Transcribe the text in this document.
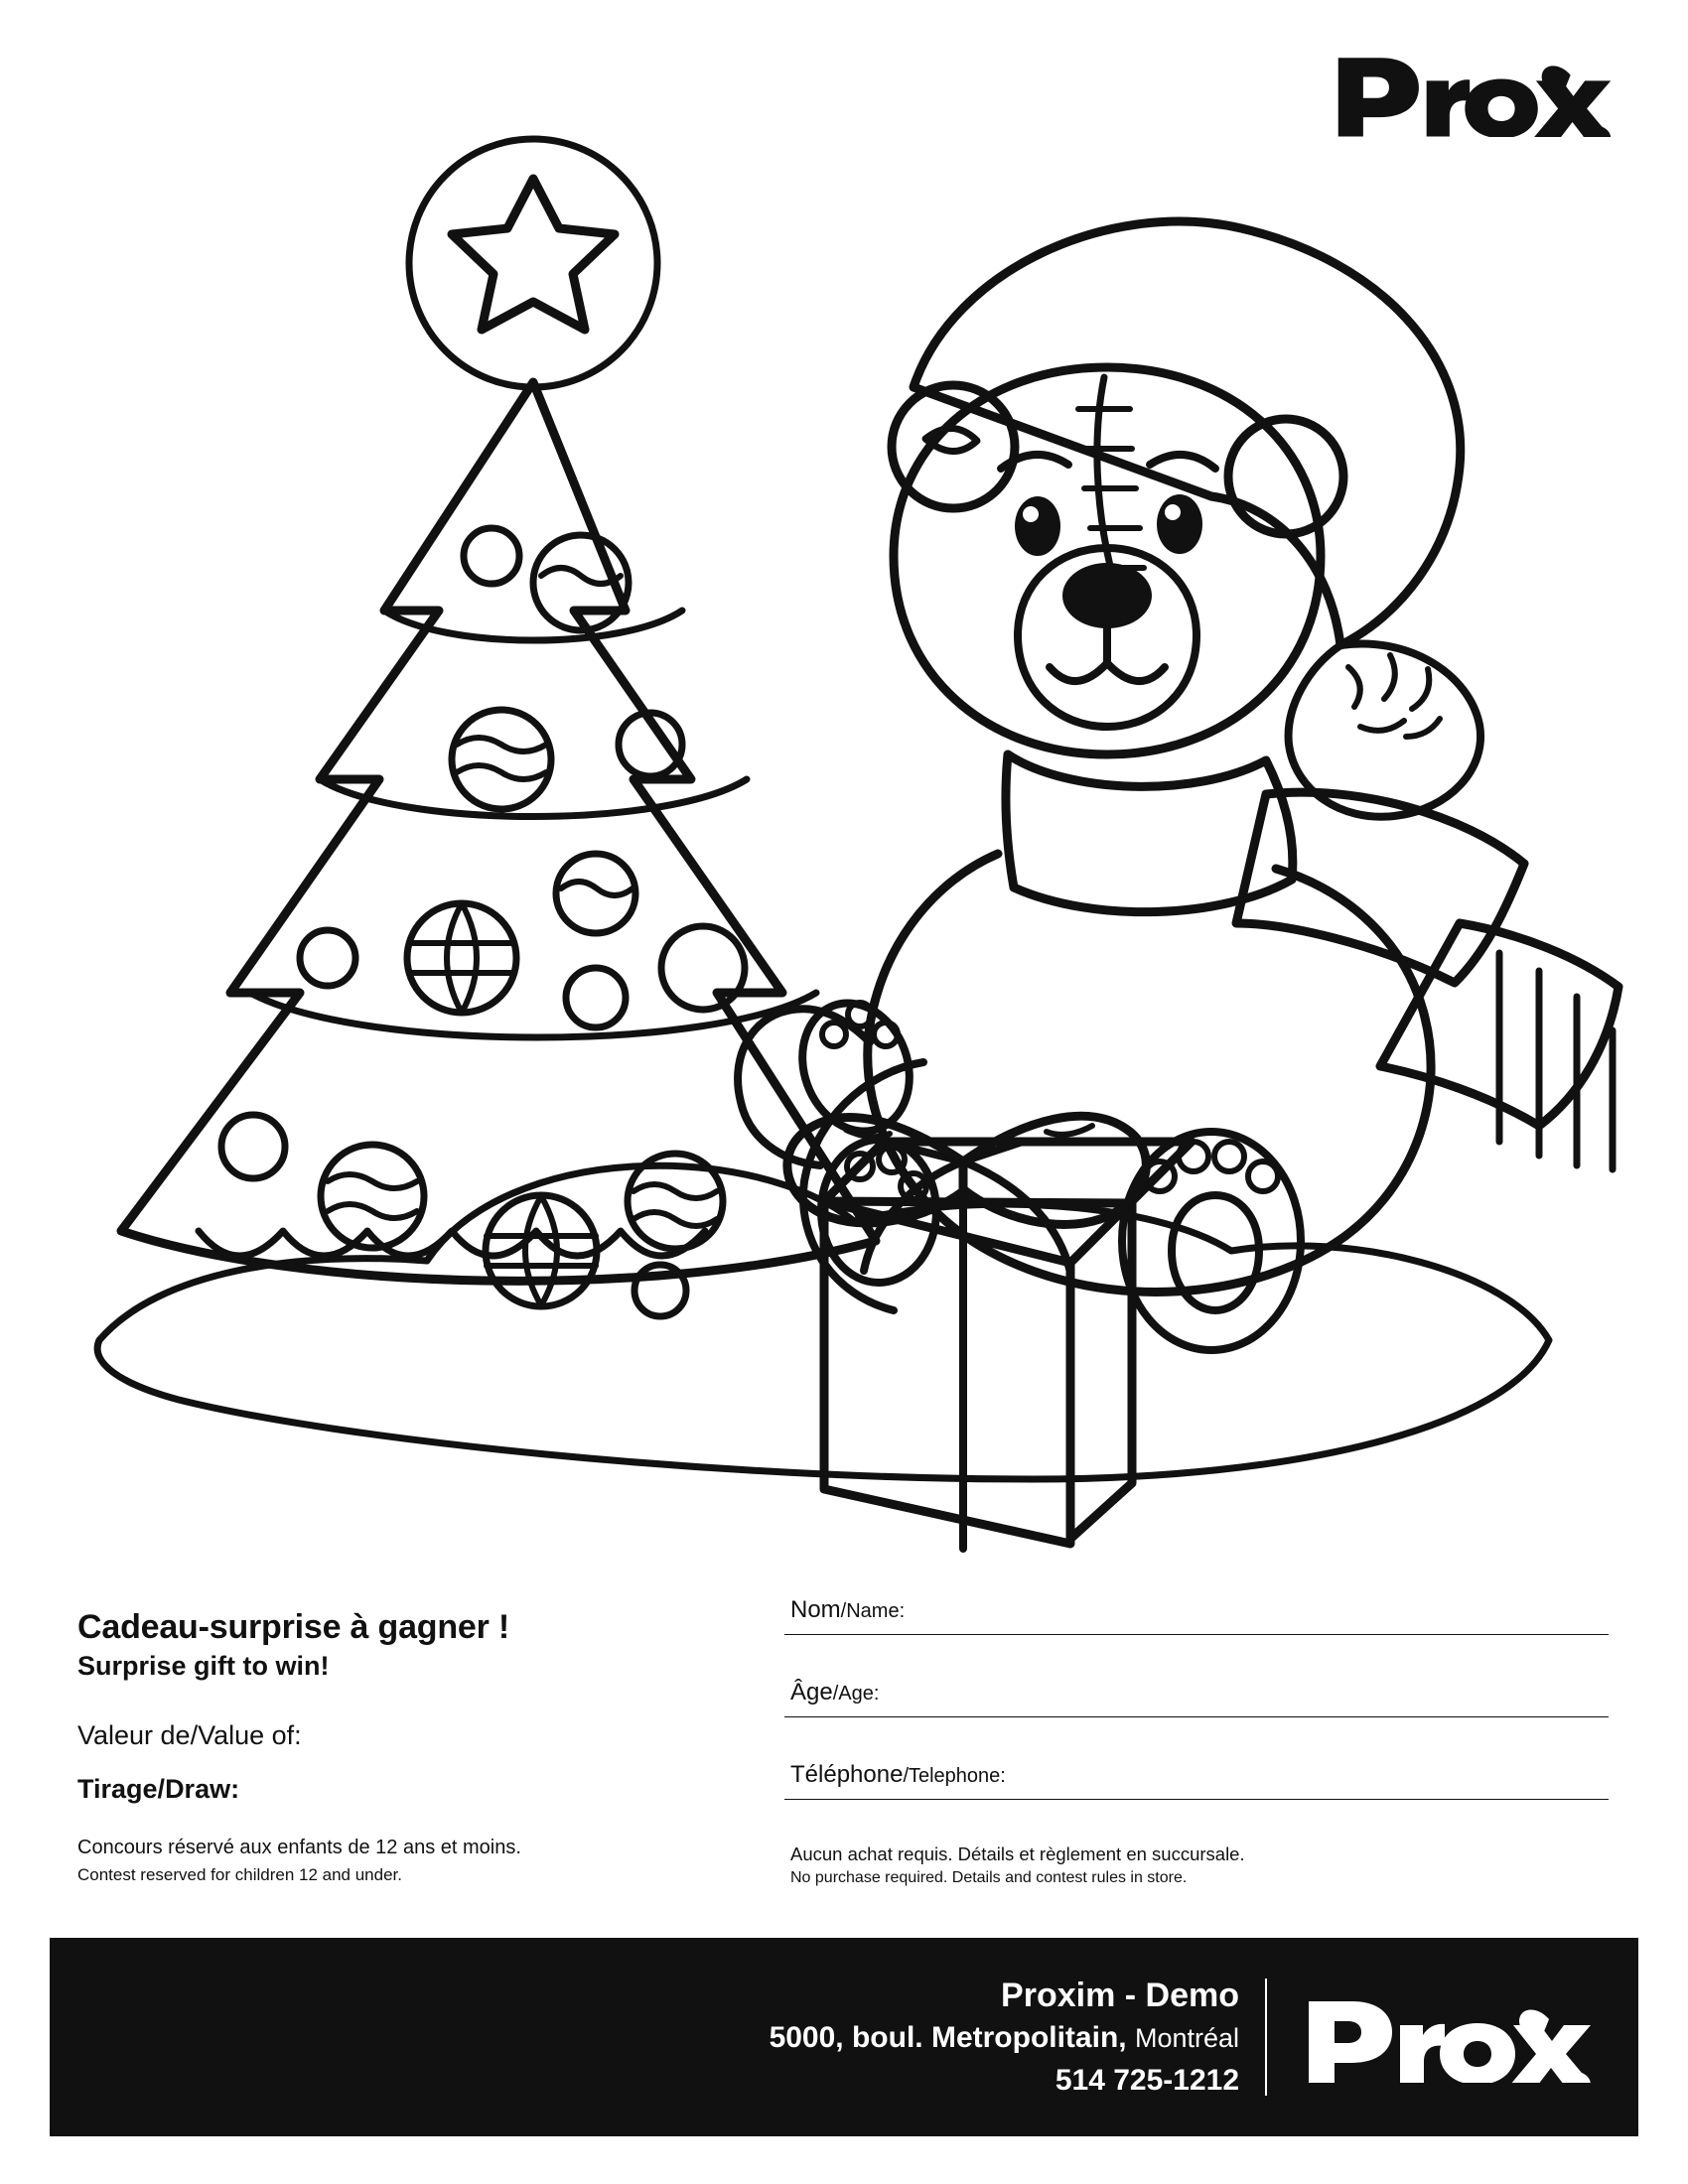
Cadeau-surprise à gagner !

Surprise gift to win!

Valeur de/Value of:
Tirage/Draw:
Concours réservé aux enfants de 12 ans et moins.
Contest reserved for children 12 and under.
Nom/Name:
Âge/Age:
Téléphone/Telephone:
Aucun achat requis. Détails et règlement en succursale.
No purchase required. Details and contest rules in store.
Proxim - Demo
5000, boul. Metropolitain, Montréal
514 725-1212
